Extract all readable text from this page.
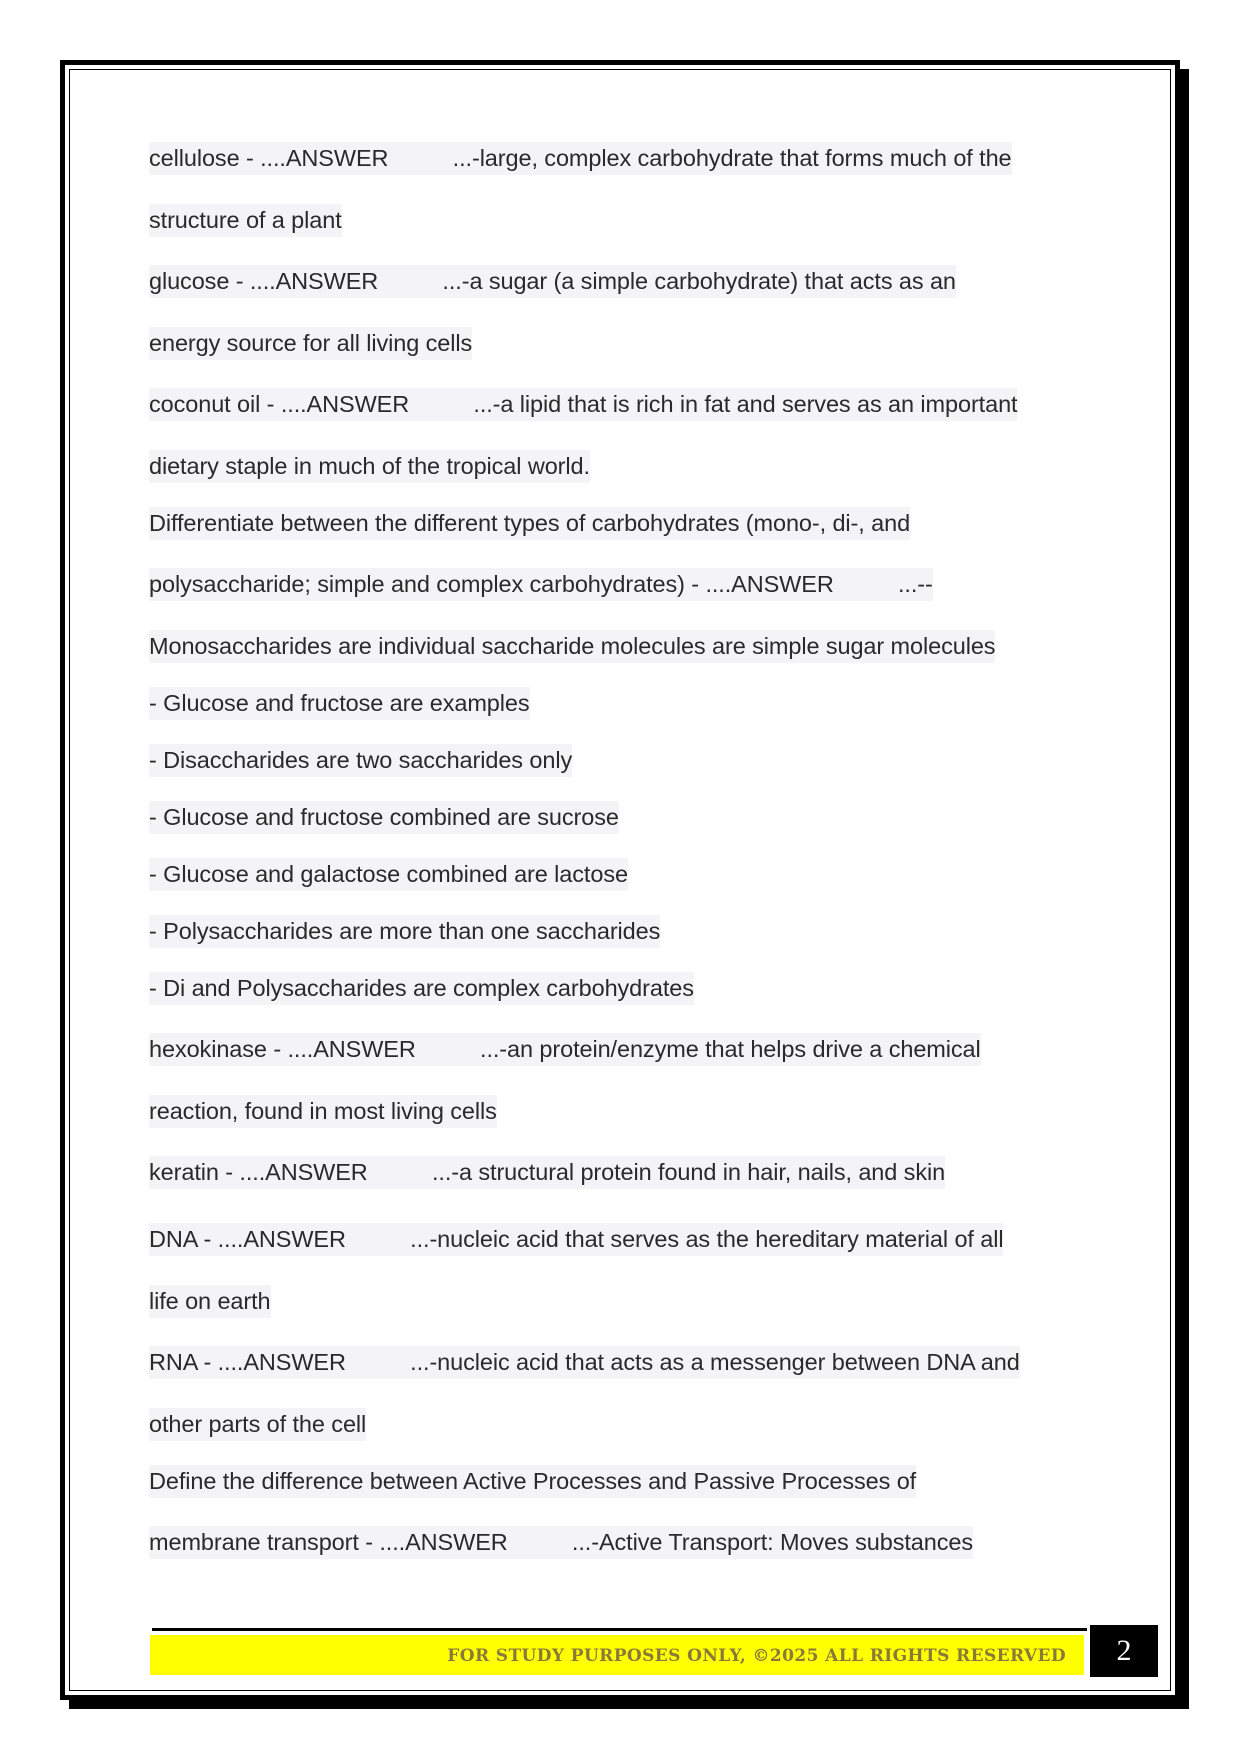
cellulose - ....ANSWER          ...-large, complex carbohydrate that forms much of the
structure of a plant
glucose - ....ANSWER          ...-a sugar (a simple carbohydrate) that acts as an
energy source for all living cells
coconut oil - ....ANSWER          ...-a lipid that is rich in fat and serves as an important
dietary staple in much of the tropical world.
Differentiate between the different types of carbohydrates (mono-, di-, and
polysaccharide; simple and complex carbohydrates) - ....ANSWER          ...--
Monosaccharides are individual saccharide molecules are simple sugar molecules
- Glucose and fructose are examples
- Disaccharides are two saccharides only
- Glucose and fructose combined are sucrose
- Glucose and galactose combined are lactose
- Polysaccharides are more than one saccharides
- Di and Polysaccharides are complex carbohydrates
hexokinase - ....ANSWER          ...-an protein/enzyme that helps drive a chemical
reaction, found in most living cells
keratin - ....ANSWER          ...-a structural protein found in hair, nails, and skin
DNA - ....ANSWER          ...-nucleic acid that serves as the hereditary material of all
life on earth
RNA - ....ANSWER          ...-nucleic acid that acts as a messenger between DNA and
other parts of the cell
Define the difference between Active Processes and Passive Processes of
membrane transport - ....ANSWER          ...-Active Transport: Moves substances
FOR STUDY PURPOSES ONLY, ©2025 ALL RIGHTS RESERVED	2
